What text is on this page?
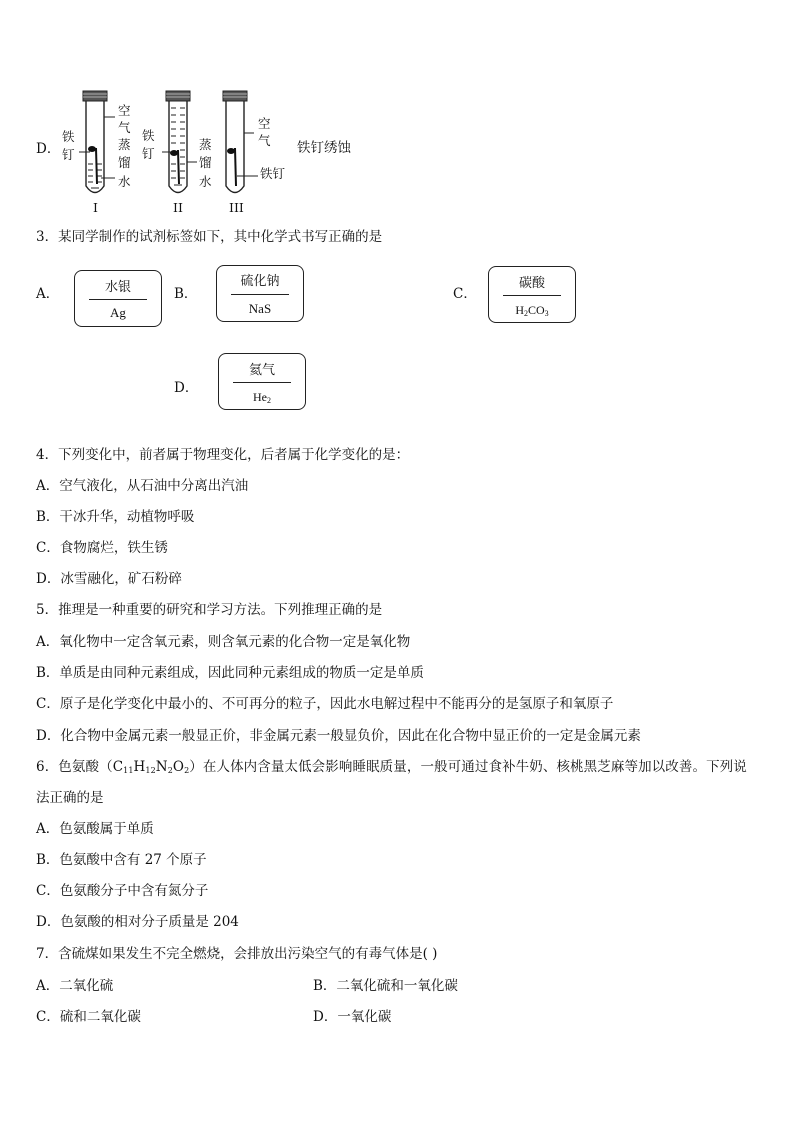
D．
空
气
蒸
馏
水
铁
钉
I
铁
钉
蒸
馏
水
II
空
气
铁钉
III
铁钉绣蚀
3．某同学制作的试剂标签如下，其中化学式书写正确的是
A．	水银
Ag
B．
硫化钠
NaS
C．
碳酸
$H_2CO_3$
D．
氦气
$He_2$
4．下列变化中，前者属于物理变化，后者属于化学变化的是：
A．空气液化，从石油中分离出汽油
B．干冰升华，动植物呼吸
C．食物腐烂，铁生锈
D．冰雪融化，矿石粉碎
5．推理是一种重要的研究和学习方法。下列推理正确的是
A．氧化物中一定含氧元素，则含氧元素的化合物一定是氧化物
B．单质是由同种元素组成，因此同种元素组成的物质一定是单质
C．原子是化学变化中最小的、不可再分的粒子，因此水电解过程中不能再分的是氢原子和氧原子
D．化合物中金属元素一般显正价，非金属元素一般显负价，因此在化合物中显正价的一定是金属元素
6．色氨酸$(C_{11}H_{12}N_2O_2)$在人体内含量太低会影响睡眠质量，一般可通过食补牛奶、核桃黑芝麻等加以改善。下列说
法正确的是
A．色氨酸属于单质
B．色氨酸中含有 27 个原子
C．色氨酸分子中含有氮分子
D．色氨酸的相对分子质量是 204
7．含硫煤如果发生不完全燃烧，会排放出污染空气的有毒气体是( )
A．二氧化硫	B．二氧化硫和一氧化碳
C．硫和二氧化碳	D．一氧化碳
